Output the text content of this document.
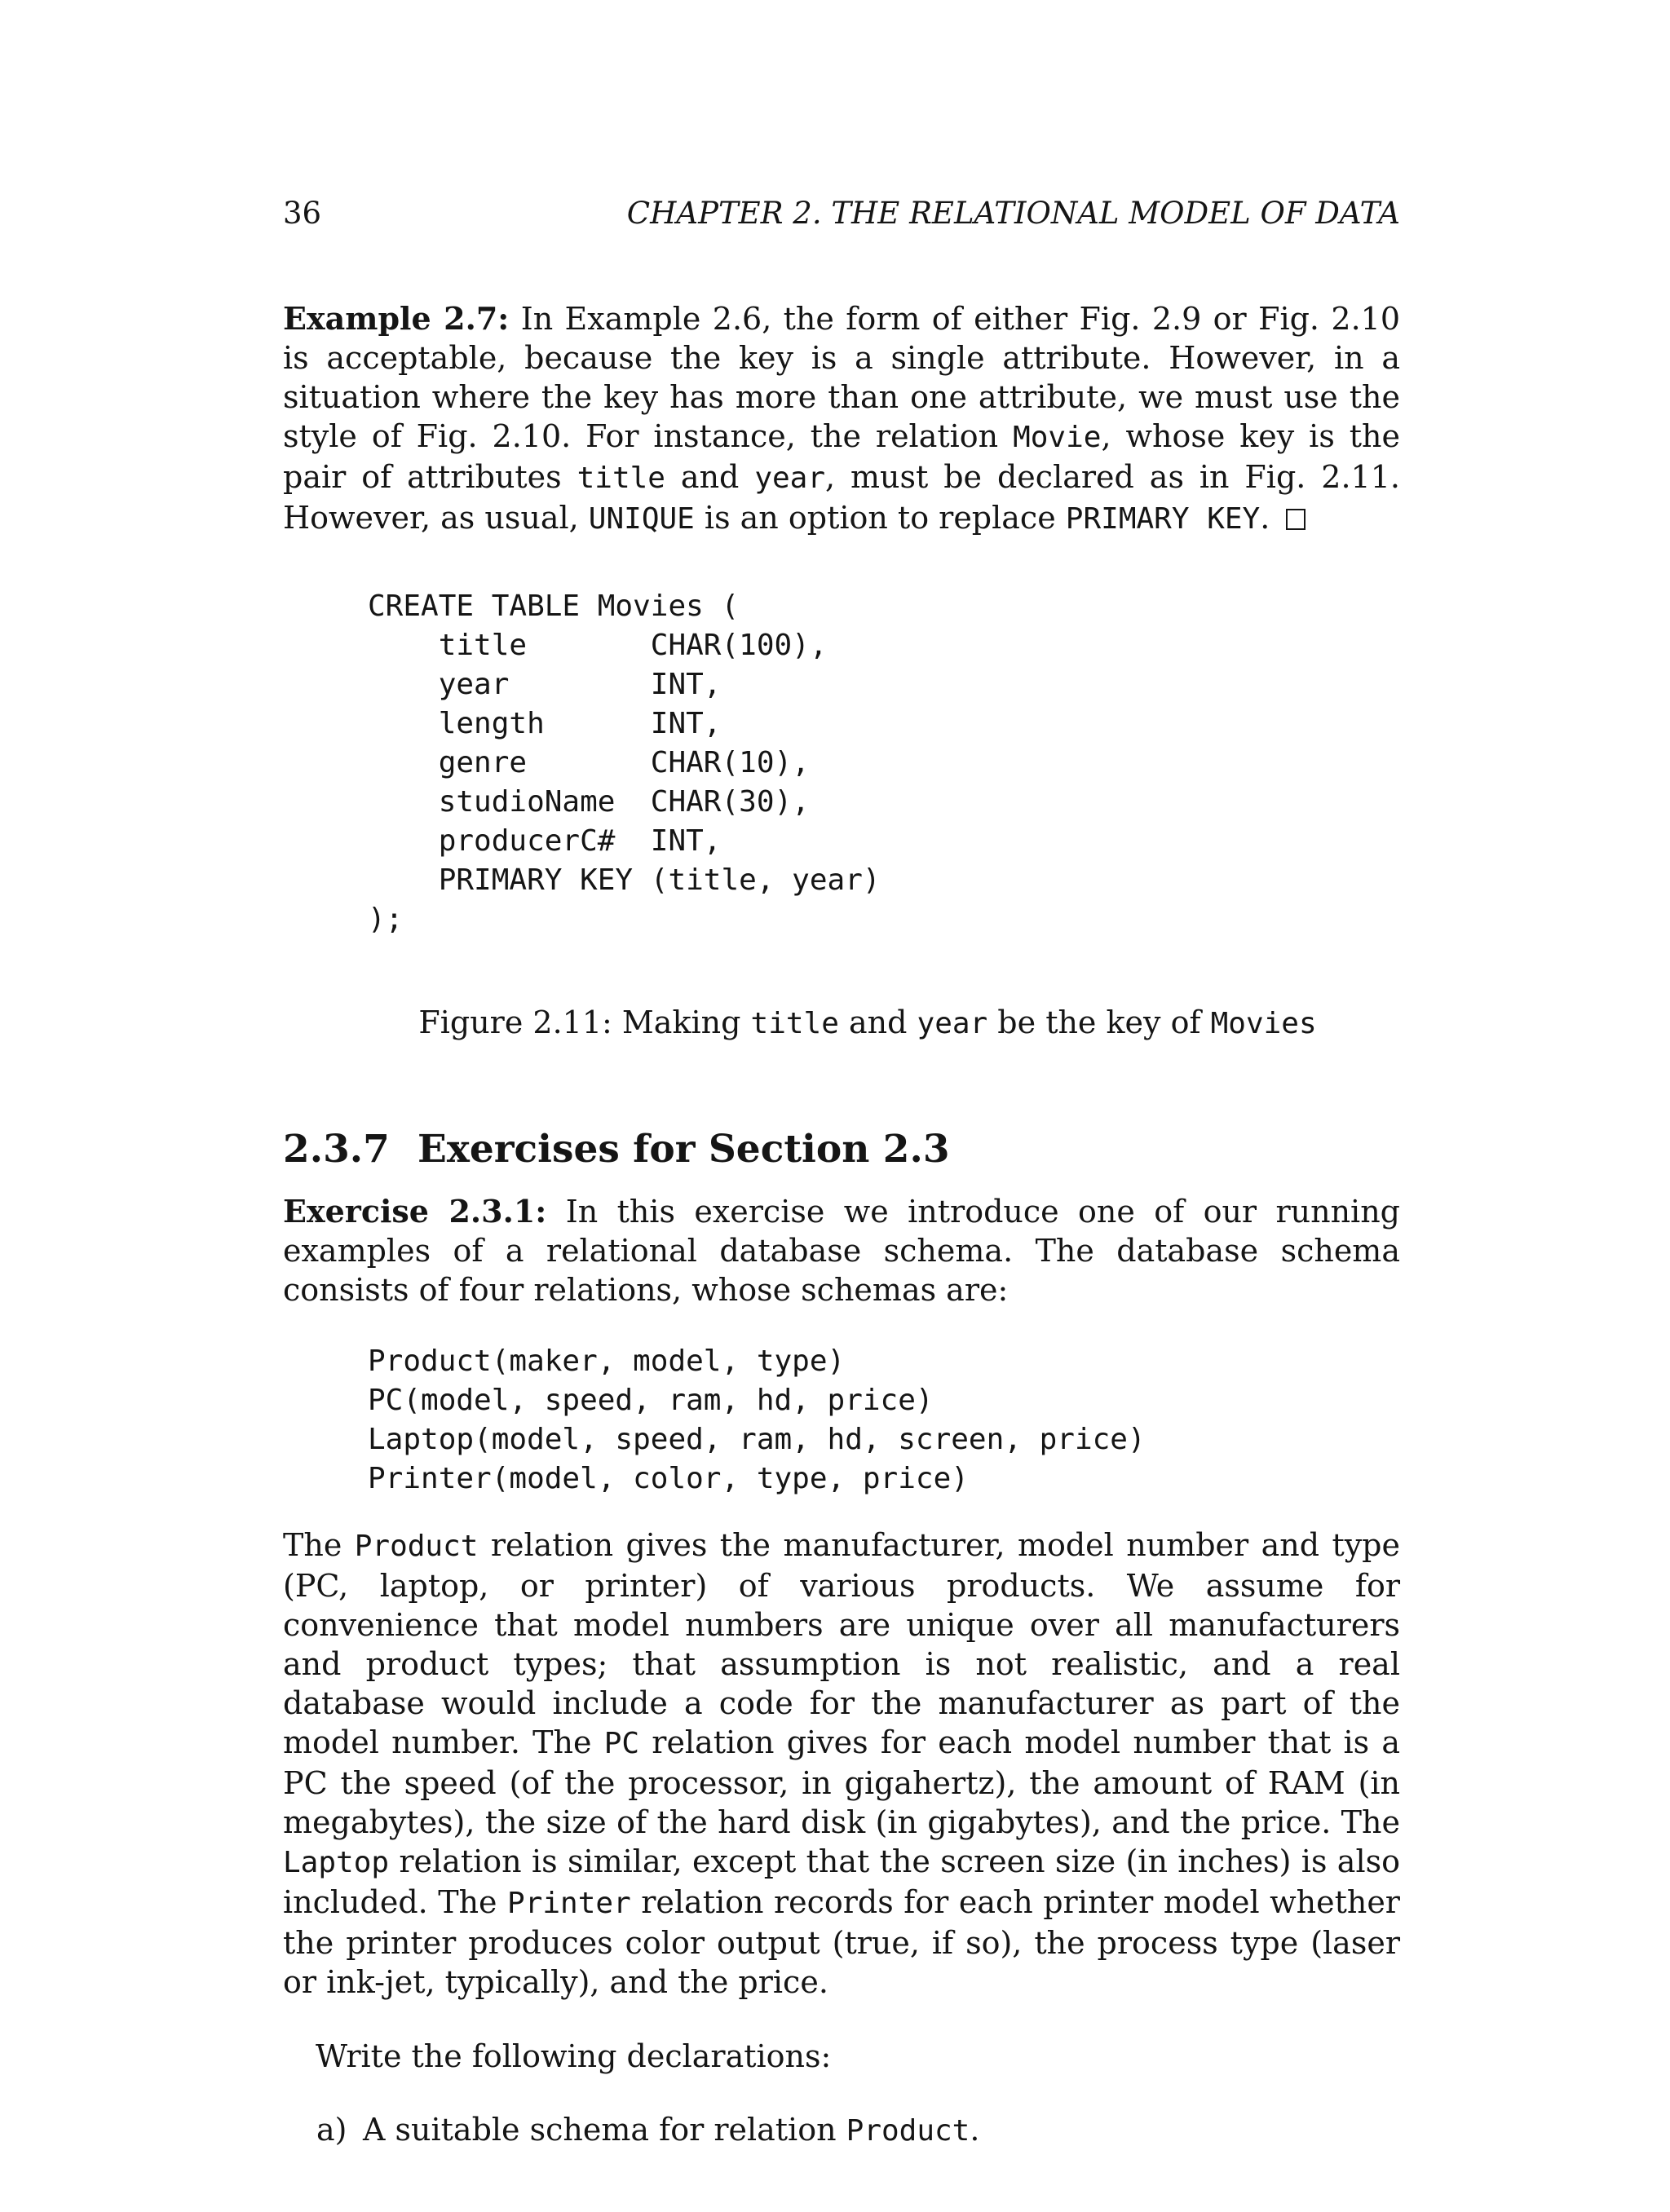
36	CHAPTER 2. THE RELATIONAL MODEL OF DATA
Example 2.7: In Example 2.6, the form of either Fig. 2.9 or Fig. 2.10 is acceptable, because the key is a single attribute. However, in a situation where the key has more than one attribute, we must use the style of Fig. 2.10. For instance, the relation Movie, whose key is the pair of attributes title and year, must be declared as in Fig. 2.11. However, as usual, UNIQUE is an option to replace PRIMARY KEY.
CREATE TABLE Movies (
title       CHAR(100),
year        INT,
length      INT,
genre       CHAR(10),
studioName  CHAR(30),
producerC#  INT,
PRIMARY KEY (title, year)
);
Figure 2.11: Making title and year be the key of Movies
2.3.7 Exercises for Section 2.3
Exercise 2.3.1: In this exercise we introduce one of our running examples of a relational database schema. The database schema consists of four relations, whose schemas are:
Product(maker, model, type)
PC(model, speed, ram, hd, price)
Laptop(model, speed, ram, hd, screen, price)
Printer(model, color, type, price)
The Product relation gives the manufacturer, model number and type (PC, laptop, or printer) of various products. We assume for convenience that model numbers are unique over all manufacturers and product types; that assumption is not realistic, and a real database would include a code for the manufacturer as part of the model number. The PC relation gives for each model number that is a PC the speed (of the processor, in gigahertz), the amount of RAM (in megabytes), the size of the hard disk (in gigabytes), and the price. The Laptop relation is similar, except that the screen size (in inches) is also included. The Printer relation records for each printer model whether the printer produces color output (true, if so), the process type (laser or ink-jet, typically), and the price.
Write the following declarations:
a) A suitable schema for relation Product.
